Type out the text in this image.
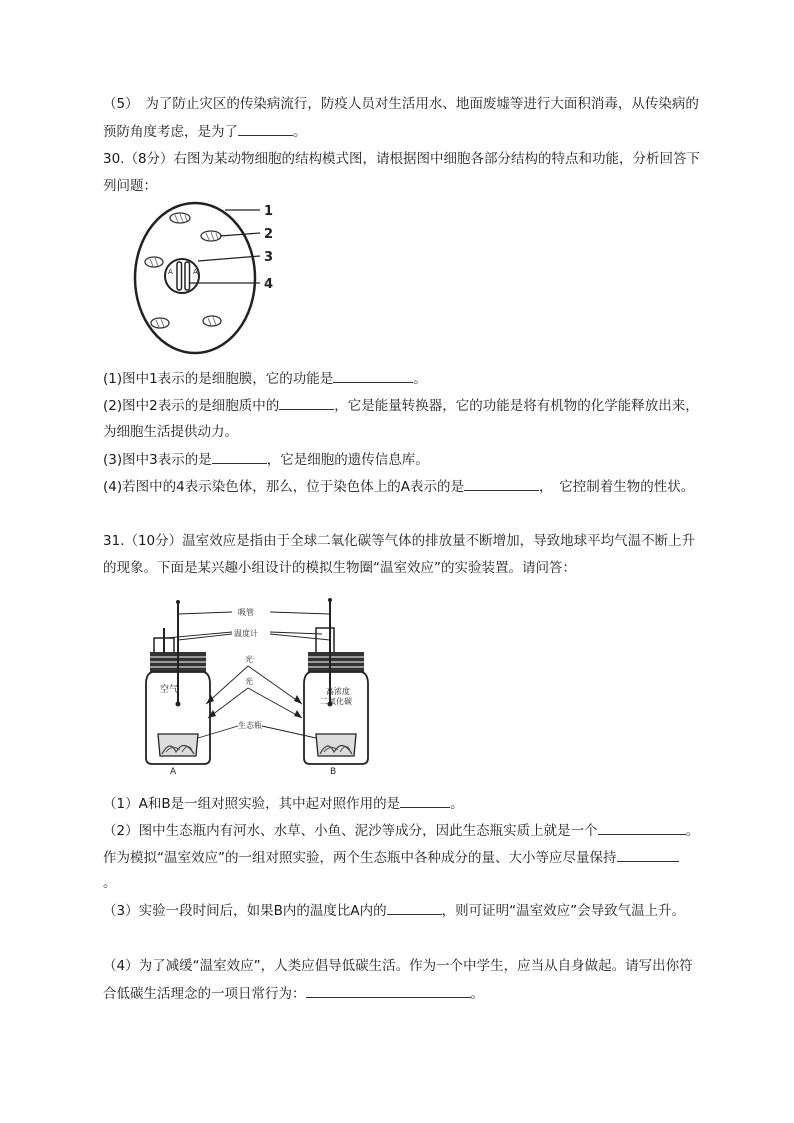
（5）　为了防止灾区的传染病流行，防疫人员对生活用水、地面废墟等进行大面积消毒，从传染病的
预防角度考虑，是为了	。
30.（8分）右图为某动物细胞的结构模式图，请根据图中细胞各部分结构的特点和功能，分析回答下
列问题：
A	A
1
2
3
4
(1)图中1表示的是细胞膜，它的功能是	。
(2)图中2表示的是细胞质中的	，它是能量转换器，它的功能是将有机物的化学能释放出来，
为细胞生活提供动力。
(3)图中3表示的是	，它是细胞的遗传信息库。
(4)若图中的4表示染色体，那么，位于染色体上的A表示的是	，　它控制着生物的性状。
31.（10分）温室效应是指由于全球二氧化碳等气体的排放量不断增加，导致地球平均气温不断上升
的现象。下面是某兴趣小组设计的模拟生物圈“温室效应”的实验装置。请问答：
空气
A
高浓度
二氧化碳
B
吸管
温度计
光
光
生态瓶
（1）A和B是一组对照实验，其中起对照作用的是	。
（2）图中生态瓶内有河水、水草、小鱼、泥沙等成分，因此生态瓶实质上就是一个	。
作为模拟“温室效应”的一组对照实验，两个生态瓶中各种成分的量、大小等应尽量保持
。
（3）实验一段时间后，如果B内的温度比A内的	，则可证明“温室效应”会导致气温上升。
（4）为了减缓“温室效应”，人类应倡导低碳生活。作为一个中学生，应当从自身做起。请写出你符
合低碳生活理念的一项日常行为：	。
